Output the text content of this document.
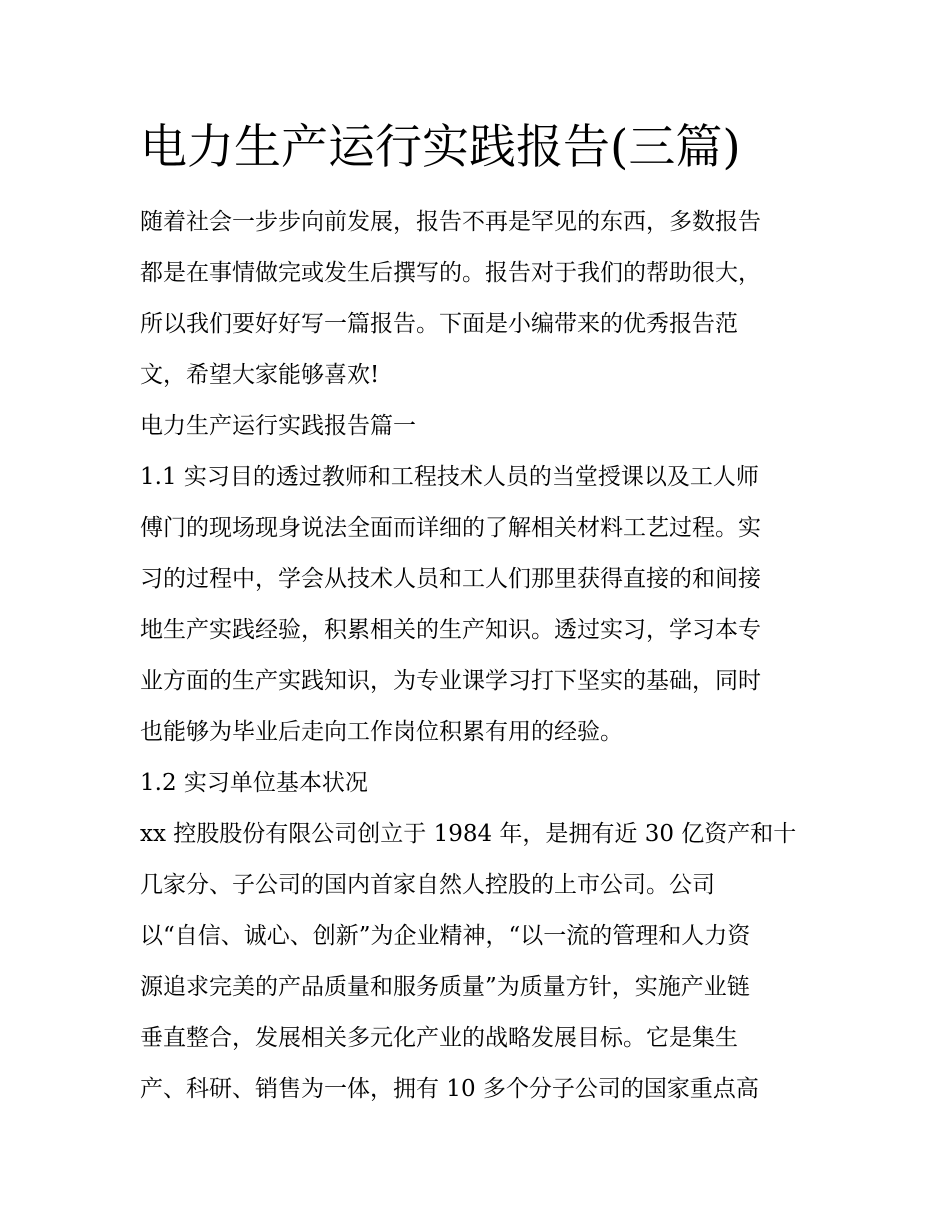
电力生产运行实践报告(三篇)

随着社会一步步向前发展，报告不再是罕见的东西，多数报告

都是在事情做完或发生后撰写的。报告对于我们的帮助很大，

所以我们要好好写一篇报告。下面是小编带来的优秀报告范

文，希望大家能够喜欢!

电力生产运行实践报告篇一

1.1 实习目的透过教师和工程技术人员的当堂授课以及工人师

傅门的现场现身说法全面而详细的了解相关材料工艺过程。实

习的过程中，学会从技术人员和工人们那里获得直接的和间接

地生产实践经验，积累相关的生产知识。透过实习，学习本专

业方面的生产实践知识，为专业课学习打下坚实的基础，同时

也能够为毕业后走向工作岗位积累有用的经验。

1.2 实习单位基本状况

xx 控股股份有限公司创立于 1984 年，是拥有近 30 亿资产和十

几家分、子公司的国内首家自然人控股的上市公司。公司

以“自信、诚心、创新”为企业精神，“以一流的管理和人力资

源追求完美的产品质量和服务质量”为质量方针，实施产业链

垂直整合，发展相关多元化产业的战略发展目标。它是集生

产、科研、销售为一体，拥有 10 多个分子公司的国家重点高
